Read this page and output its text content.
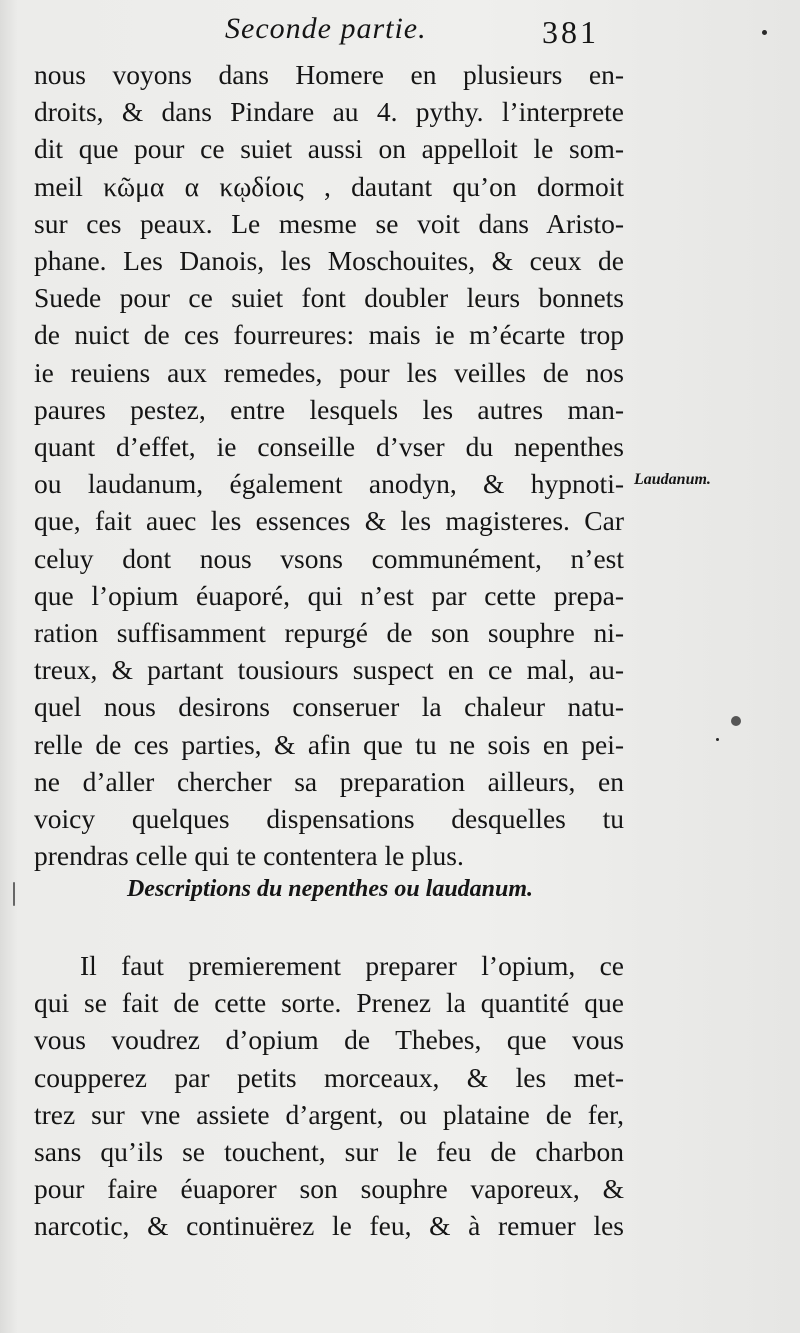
Seconde partie.	381
nous voyons dans Homere en plusieurs en-
droits, & dans Pindare au 4. pythy. l’interprete
dit que pour ce suiet aussi on appelloit le som-
meil κῶμα α κῳδίοις , dautant qu’on dormoit
sur ces peaux. Le mesme se voit dans Aristo-
phane. Les Danois, les Moschouites, & ceux de
Suede pour ce suiet font doubler leurs bonnets
de nuict de ces fourreures: mais ie m’écarte trop
ie reuiens aux remedes, pour les veilles de nos
paures pestez, entre lesquels les autres man-
quant d’effet, ie conseille d’vser du nepenthes
ou laudanum, également anodyn, & hypnoti-
que, fait auec les essences & les magisteres. Car
celuy dont nous vsons communément, n’est
que l’opium éuaporé, qui n’est par cette prepa-
ration suffisamment repurgé de son souphre ni-
treux, & partant tousiours suspect en ce mal, au-
quel nous desirons conseruer la chaleur natu-
relle de ces parties, & afin que tu ne sois en pei-
ne d’aller chercher sa preparation ailleurs, en
voicy quelques dispensations desquelles tu
prendras celle qui te contentera le plus.
Laudanum.
Descriptions du nepenthes ou laudanum.
Il faut premierement preparer l’opium, ce
qui se fait de cette sorte. Prenez la quantité que
vous voudrez d’opium de Thebes, que vous
coupperez par petits morceaux, & les met-
trez sur vne assiete d’argent, ou plataine de fer,
sans qu’ils se touchent, sur le feu de charbon
pour faire éuaporer son souphre vaporeux, &
narcotic, & continuërez le feu, & à remuer les
